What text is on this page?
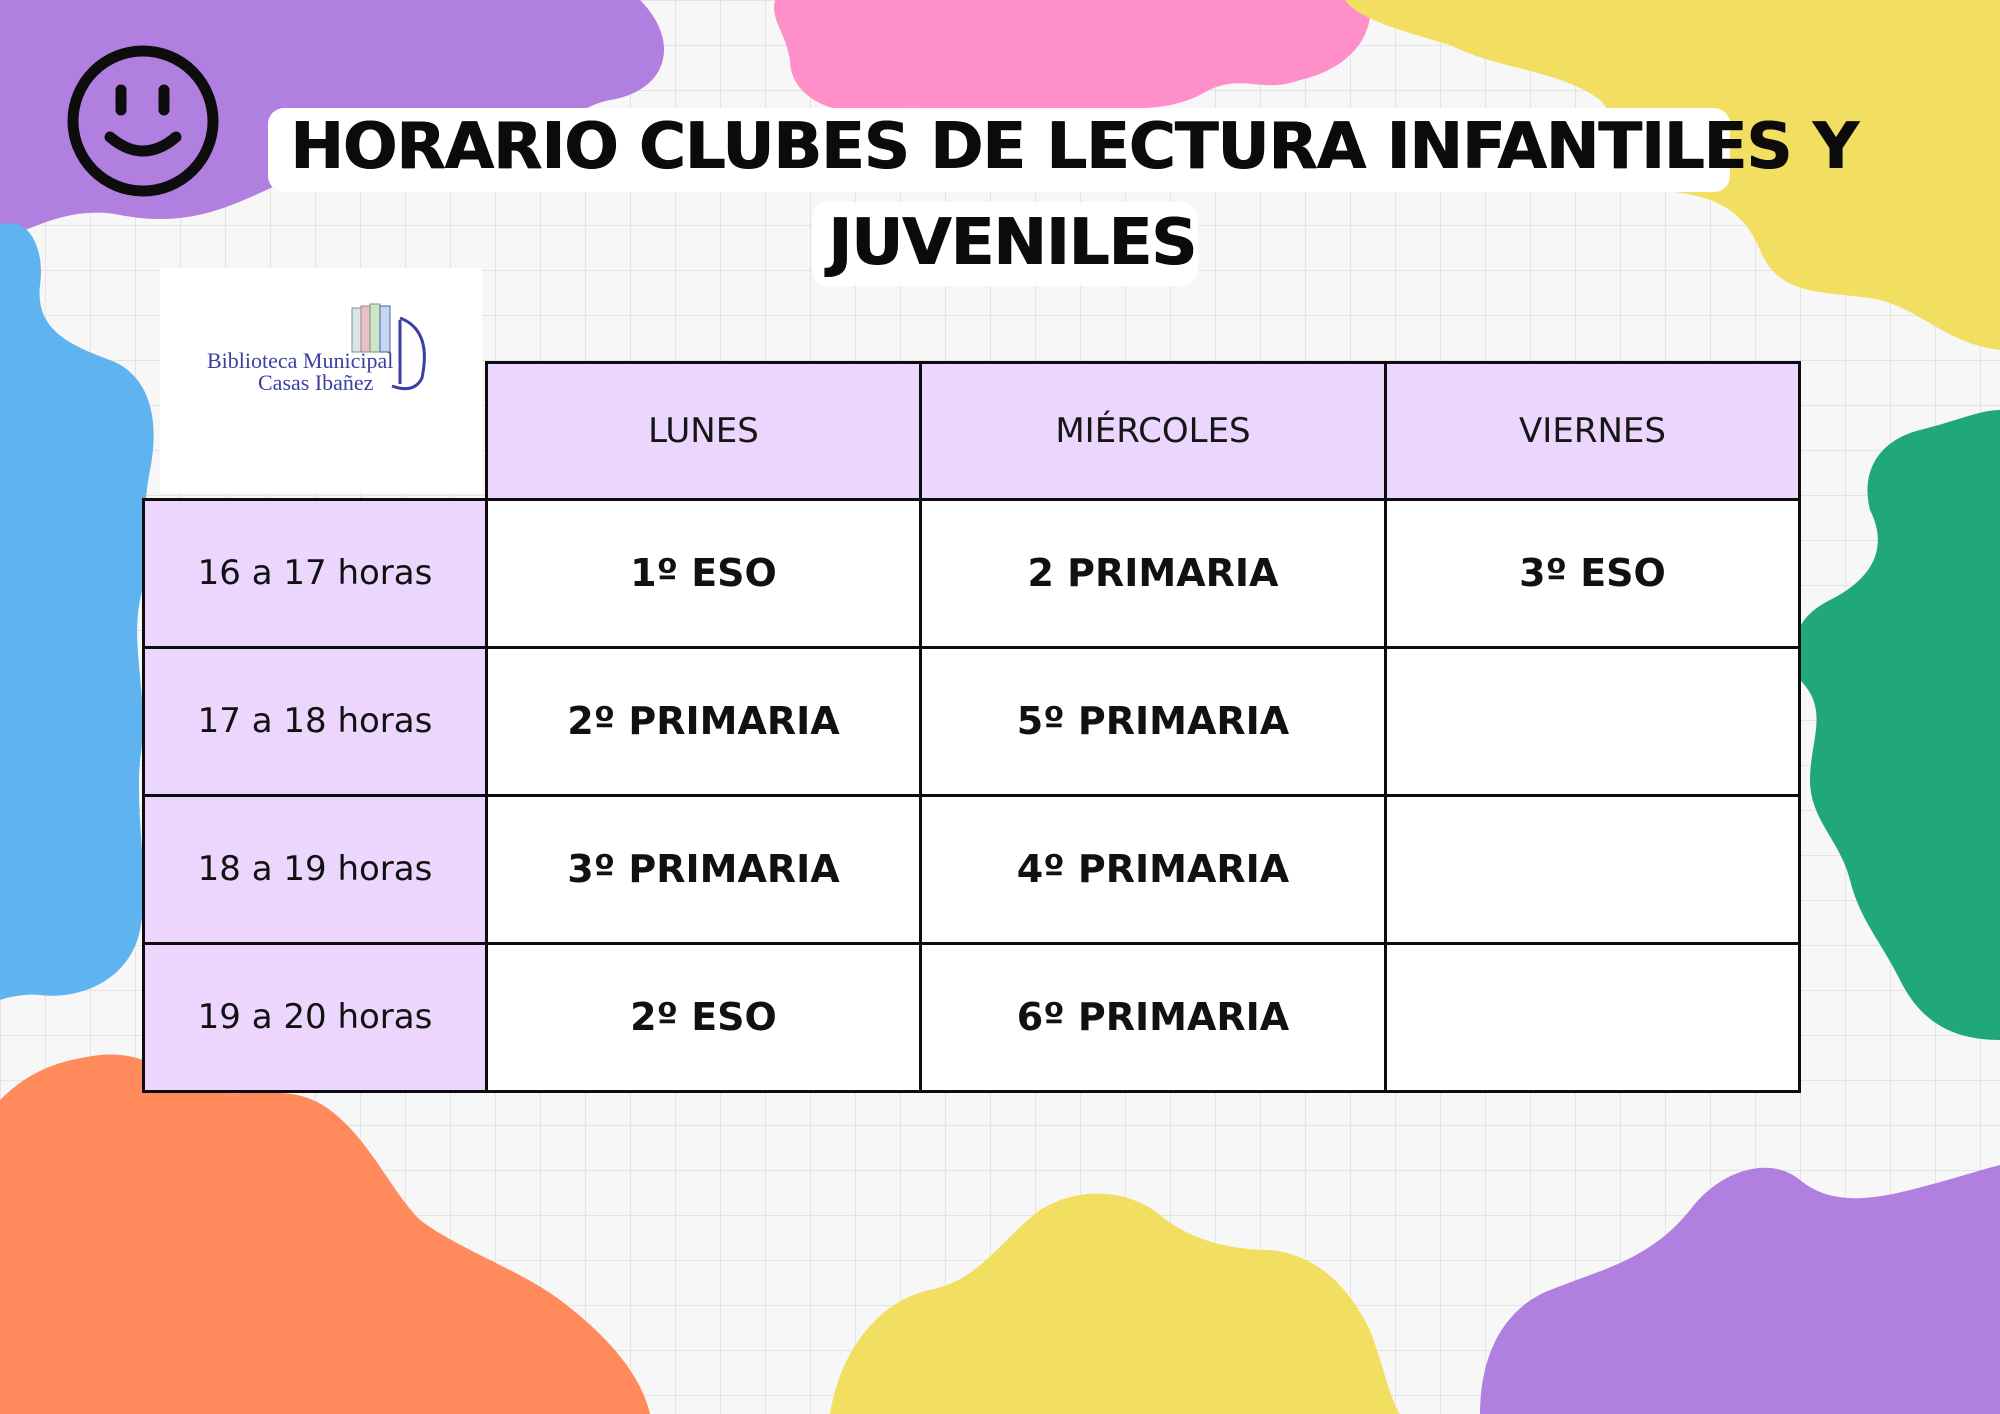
HORARIO CLUBES DE LECTURA INFANTILES Y
JUVENILES
Biblioteca Municipal
Casas Ibañez
	LUNES	MIÉRCOLES	VIERNES
16 a 17 horas	1º ESO	2 PRIMARIA	3º ESO
17 a 18 horas	2º PRIMARIA	5º PRIMARIA	
18 a 19 horas	3º PRIMARIA	4º PRIMARIA	
19 a 20 horas	2º ESO	6º PRIMARIA	
